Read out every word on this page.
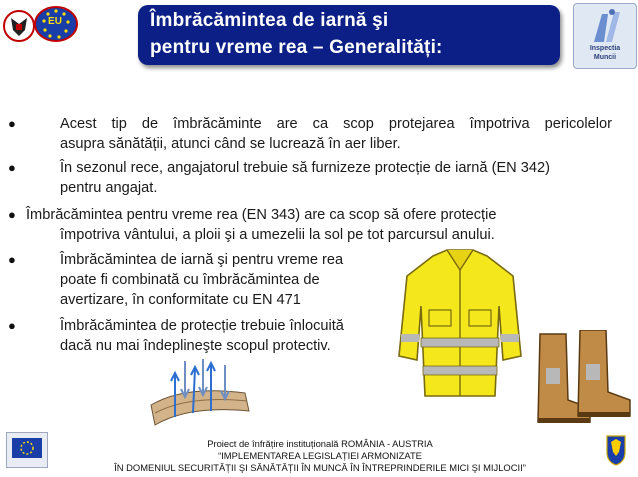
EU	Îmbrăcămintea de iarnă şi
pentru vreme rea – Generalități:	Inspectia
Muncii
●	Acest tip de îmbrăcăminte are ca scop protejarea împotriva pericolelor
asupra sănătății, atunci când se lucrează în aer liber.
●	În sezonul rece, angajatorul trebuie să furnizeze protecție de iarnă (EN 342)
pentru angajat.
● Îmbrăcămintea pentru vreme rea (EN 343) are ca scop să ofere protecție
împotriva vântului, a ploii şi a umezelii la sol pe tot parcursul anului.
●	Îmbrăcămintea de iarnă şi pentru vreme rea
poate fi combinată cu îmbrăcămintea de
avertizare, în conformitate cu EN 471
●	Îmbrăcămintea de protecție trebuie înlocuită
dacă nu mai îndeplineşte scopul protectiv.
Proiect de înfrățire instituțională ROMÂNIA - AUSTRIA
“IMPLEMENTAREA LEGISLAȚIEI ARMONIZATE
ÎN DOMENIUL SECURITĂȚII ŞI SĂNĂTĂȚII ÎN MUNCĂ ÎN ÎNTREPRINDERILE MICI ŞI MIJLOCII”
